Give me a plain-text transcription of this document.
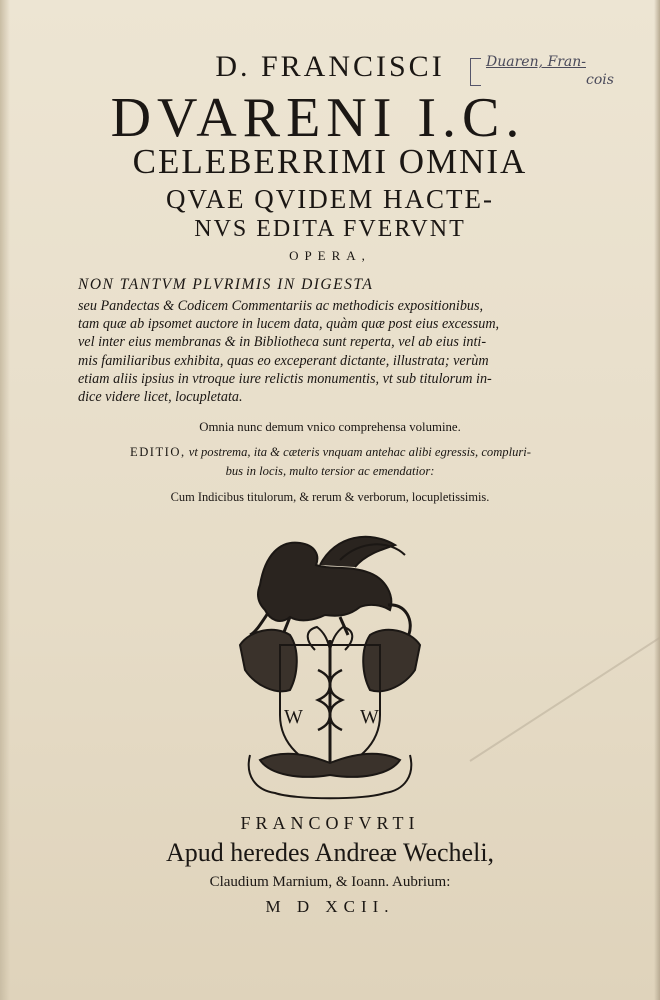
D. FRANCISCI
DVARENI I.C.
CELEBERRIMI OMNIA
QVAE QVIDEM HACTE-
NVS EDITA FVERVNT
OPERA,
Duaren, Fran-
cois
NON TANTVM PLVRIMIS IN DIGESTA
seu Pandectas & Codicem Commentariis ac methodicis expositionibus,
tam quæ ab ipsomet auctore in lucem data, quàm quæ post eius excessum,
vel inter eius membranas & in Bibliotheca sunt reperta, vel ab eius inti-
mis familiaribus exhibita, quas eo exceperant dictante, illustrata; verùm
etiam aliis ipsius in vtroque iure relictis monumentis, vt sub titulorum in-
dice videre licet, locupletata.
Omnia nunc demum vnico comprehensa volumine.
EDITIO, vt postrema, ita & cæteris vnquam antehac alibi egressis, compluri-
bus in locis, multo tersior ac emendatior:
Cum Indicibus titulorum, & rerum & verborum, locupletissimis.
W	W
FRANCOFVRTI
Apud heredes Andreæ Wecheli,
Claudium Marnium, & Ioann. Aubrium:
M D XCII.
